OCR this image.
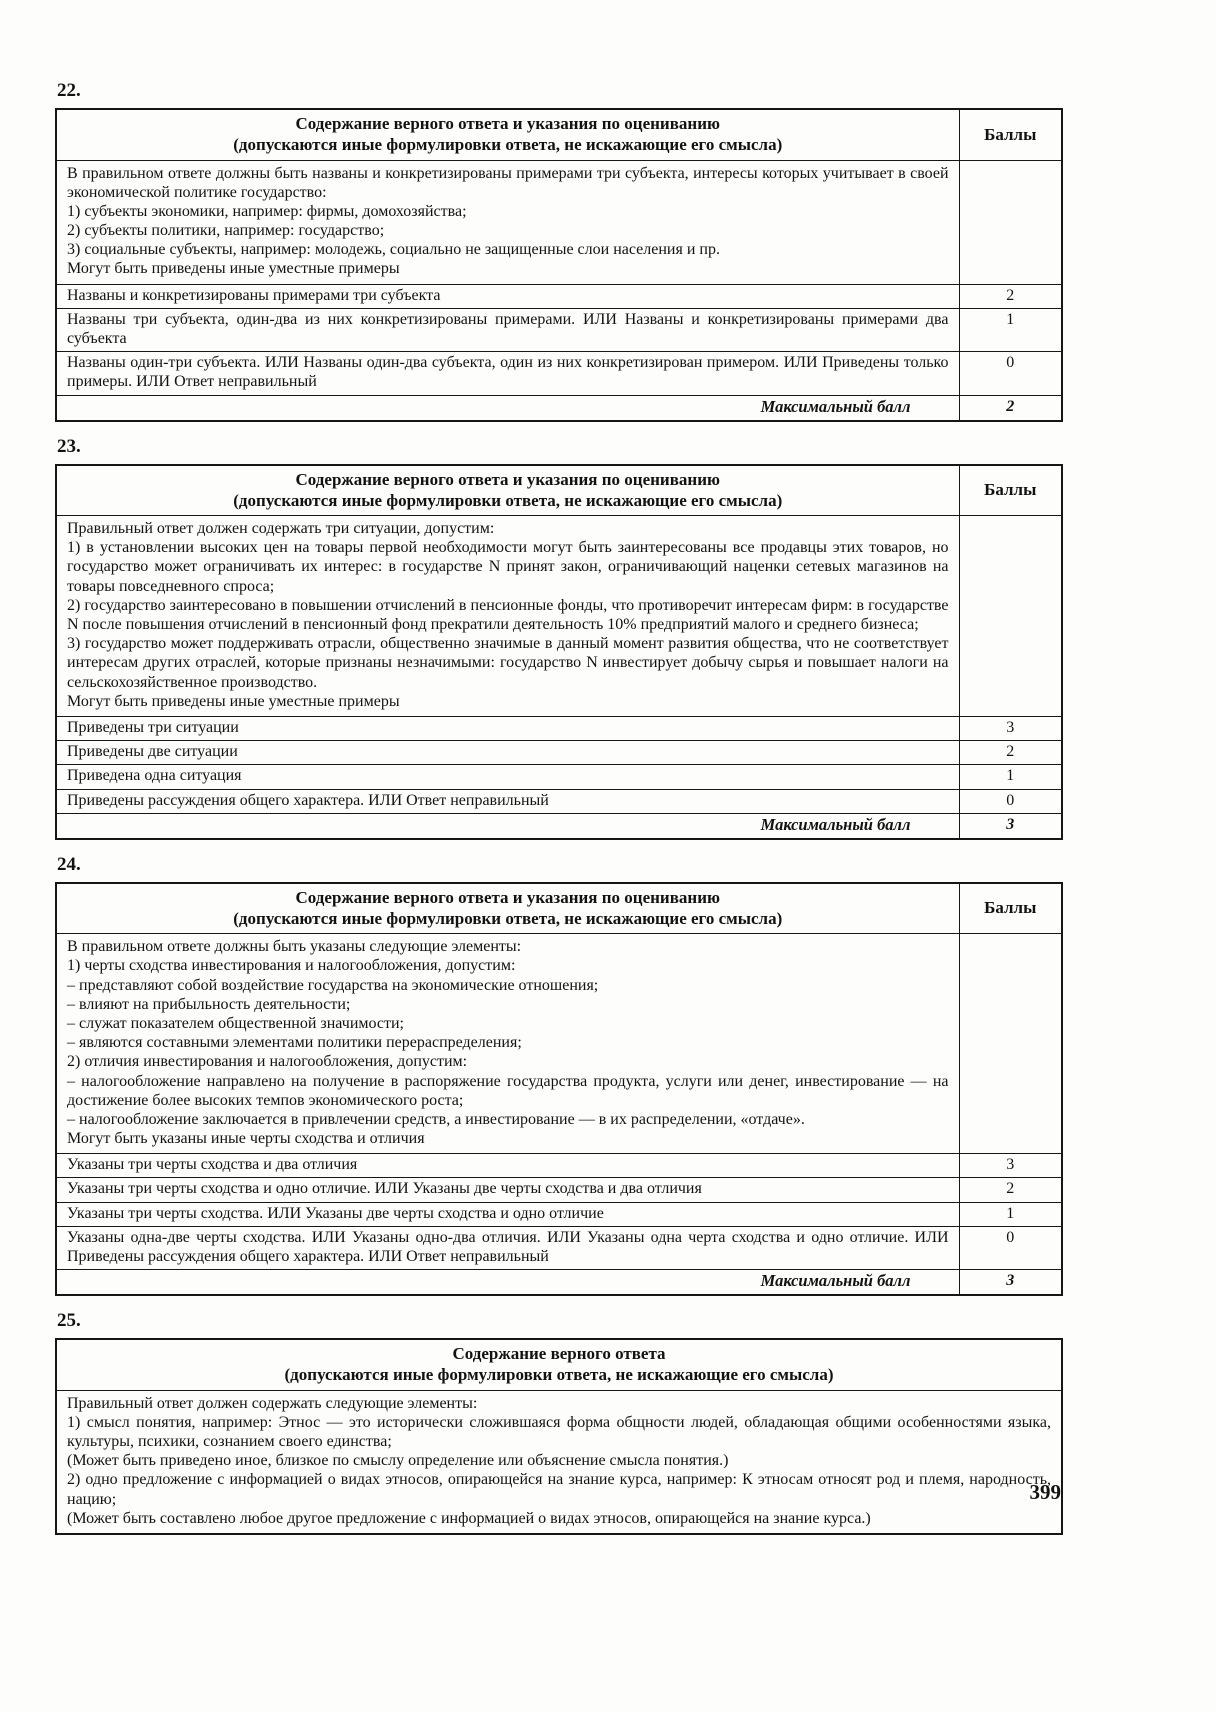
22.
Содержание верного ответа и указания по оцениванию
(допускаются иные формулировки ответа, не искажающие его смысла)	Баллы

В правильном ответе должны быть названы и конкретизированы примерами три субъекта, интересы которых учитывает в своей экономической политике государство:

1) субъекты экономики, например: фирмы, домохозяйства;

2) субъекты политики, например: государство;

3) социальные субъекты, например: молодежь, социально не защищенные слои населения и пр.

Могут быть приведены иные уместные примеры	

Названы и конкретизированы примерами три субъекта	2
Названы три субъекта, один-два из них конкретизированы примерами. ИЛИ Названы и конкретизированы примерами два субъекта	1
Названы один-три субъекта. ИЛИ Названы один-два субъекта, один из них конкретизирован примером. ИЛИ Приведены только примеры. ИЛИ Ответ неправильный	0
Максимальный балл	2
23.
Содержание верного ответа и указания по оцениванию
(допускаются иные формулировки ответа, не искажающие его смысла)	Баллы

Правильный ответ должен содержать три ситуации, допустим:

1) в установлении высоких цен на товары первой необходимости могут быть заинтересованы все продавцы этих товаров, но государство может ограничивать их интерес: в государстве N принят закон, ограничивающий наценки сетевых магазинов на товары повседневного спроса;

2) государство заинтересовано в повышении отчислений в пенсионные фонды, что противоречит интересам фирм: в государстве N после повышения отчислений в пенсионный фонд прекратили деятельность 10% предприятий малого и среднего бизнеса;

3) государство может поддерживать отрасли, общественно значимые в данный момент развития общества, что не соответствует интересам других отраслей, которые признаны незначимыми: государство N инвестирует добычу сырья и повышает налоги на сельскохозяйственное производство.

Могут быть приведены иные уместные примеры	

Приведены три ситуации	3
Приведены две ситуации	2
Приведена одна ситуация	1
Приведены рассуждения общего характера. ИЛИ Ответ неправильный	0
Максимальный балл	3
24.
Содержание верного ответа и указания по оцениванию
(допускаются иные формулировки ответа, не искажающие его смысла)	Баллы

В правильном ответе должны быть указаны следующие элементы:

1) черты сходства инвестирования и налогообложения, допустим:

– представляют собой воздействие государства на экономические отношения;

– влияют на прибыльность деятельности;

– служат показателем общественной значимости;

– являются составными элементами политики перераспределения;

2) отличия инвестирования и налогообложения, допустим:

– налогообложение направлено на получение в распоряжение государства продукта, услуги или денег, инвестирование — на достижение более высоких темпов экономического роста;

– налогообложение заключается в привлечении средств, а инвестирование — в их распределении, «отдаче».

Могут быть указаны иные черты сходства и отличия

Указаны три черты сходства и два отличия	3
Указаны три черты сходства и одно отличие. ИЛИ Указаны две черты сходства и два отличия	2
Указаны три черты сходства. ИЛИ Указаны две черты сходства и одно отличие	1
Указаны одна-две черты сходства. ИЛИ Указаны одно-два отличия. ИЛИ Указаны одна черта сходства и одно отличие. ИЛИ Приведены рассуждения общего характера. ИЛИ Ответ неправильный	0
Максимальный балл	3
25.
Содержание верного ответа
(допускаются иные формулировки ответа, не искажающие его смысла)

Правильный ответ должен содержать следующие элементы:

1) смысл понятия, например: Этнос — это исторически сложившаяся форма общности людей, обладающая общими особенностями языка, культуры, психики, сознанием своего единства;

(Может быть приведено иное, близкое по смыслу определение или объяснение смысла понятия.)

2) одно предложение с информацией о видах этносов, опирающейся на знание курса, например: К этносам относят род и племя, народность, нацию;

(Может быть составлено любое другое предложение с информацией о видах этносов, опирающейся на знание курса.)

399
